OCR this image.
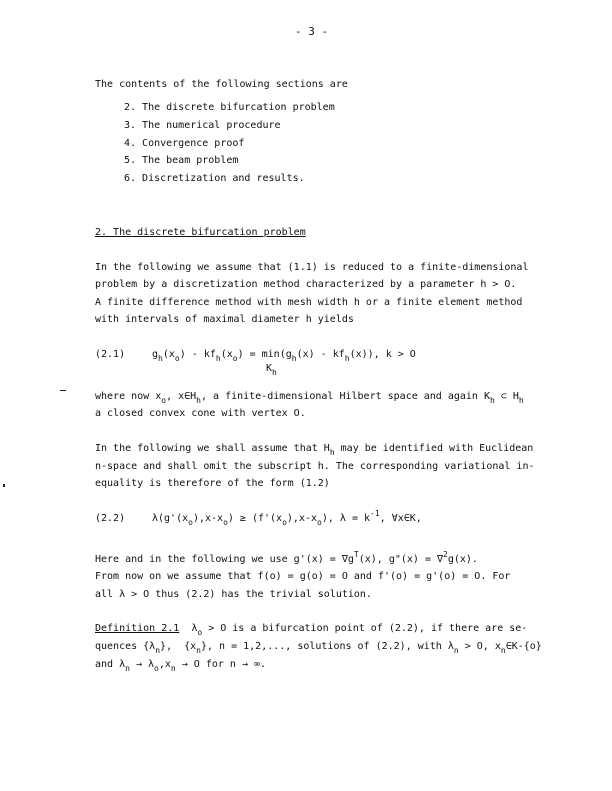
- 3 -
The contents of the following sections are
2. The discrete bifurcation problem
3. The numerical procedure
4. Convergence proof
5. The beam problem
6. Discretization and results.
2. The discrete bifurcation problem
In the following we assume that (1.1) is reduced to a finite-dimensional
problem by a discretization method characterized by a parameter h > O.
A finite difference method with mesh width h or a finite element method
with intervals of maximal diameter h yields
(2.1)	$g_h(x_o) - kf_h(x_o) = \min(g_h(x) - kf_h(x))$, k > O
$K_h$
where now $x_o$, $x\in H_h$, a finite-dimensional Hilbert space and again $K_h$ ⊂ $H_h$
a closed convex cone with vertex O.
In the following we shall assume that $H_h$ may be identified with Euclidean
n-space and shall omit the subscript h. The corresponding variational in-
equality is therefore of the form (1.2)
(2.2)	$\lambda(g'(x_o),x-x_o) \ge (f'(x_o),x-x_o)$, $\lambda = k^{-1}$, ∀x∈K,
Here and in the following we use $g'(x) = \nabla g^T(x)$, g"(x) = ∇$^2$g(x).
From now on we assume that f(o) = g(o) = O and f'(o) = g'(o) = O. For
all λ > O thus (2.2) has the trivial solution.
Definition 2.1  $\lambda_o > O$ is a bifurcation point of (2.2), if there are se-
quences $\{\lambda_n\}$,  $\{x_n\}$, n = 1,2,..., solutions of (2.2), with $\lambda_n > O$, $x_n\in K-\{o\}$
and $\lambda_n \to \lambda_o,x_n \to O$ for n → ∞.
